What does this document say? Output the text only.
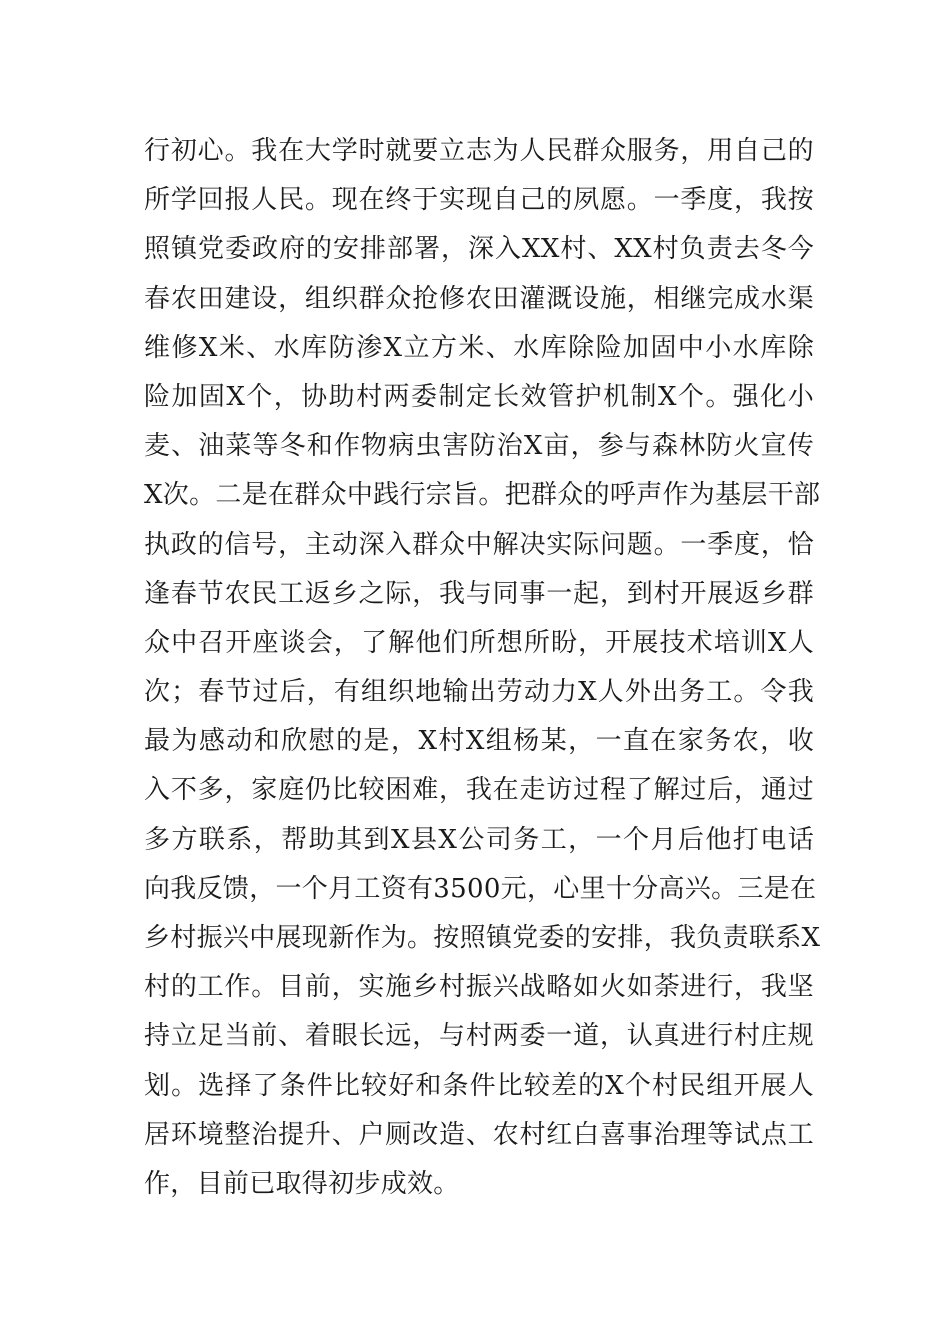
行初心。我在大学时就要立志为人民群众服务，用自己的
所学回报人民。现在终于实现自己的夙愿。一季度，我按
照镇党委政府的安排部署，深入XX村、XX村负责去冬今
春农田建设，组织群众抢修农田灌溉设施，相继完成水渠
维修X米、水库防渗X立方米、水库除险加固中小水库除
险加固X个，协助村两委制定长效管护机制X个。强化小
麦、油菜等冬和作物病虫害防治X亩，参与森林防火宣传
X次。二是在群众中践行宗旨。把群众的呼声作为基层干部
执政的信号，主动深入群众中解决实际问题。一季度，恰
逢春节农民工返乡之际，我与同事一起，到村开展返乡群
众中召开座谈会，了解他们所想所盼，开展技术培训X人
次；春节过后，有组织地输出劳动力X人外出务工。令我
最为感动和欣慰的是，X村X组杨某，一直在家务农，收
入不多，家庭仍比较困难，我在走访过程了解过后，通过
多方联系，帮助其到X县X公司务工，一个月后他打电话
向我反馈，一个月工资有3500元，心里十分高兴。三是在
乡村振兴中展现新作为。按照镇党委的安排，我负责联系X
村的工作。目前，实施乡村振兴战略如火如荼进行，我坚
持立足当前、着眼长远，与村两委一道，认真进行村庄规
划。选择了条件比较好和条件比较差的X个村民组开展人
居环境整治提升、户厕改造、农村红白喜事治理等试点工
作，目前已取得初步成效。
